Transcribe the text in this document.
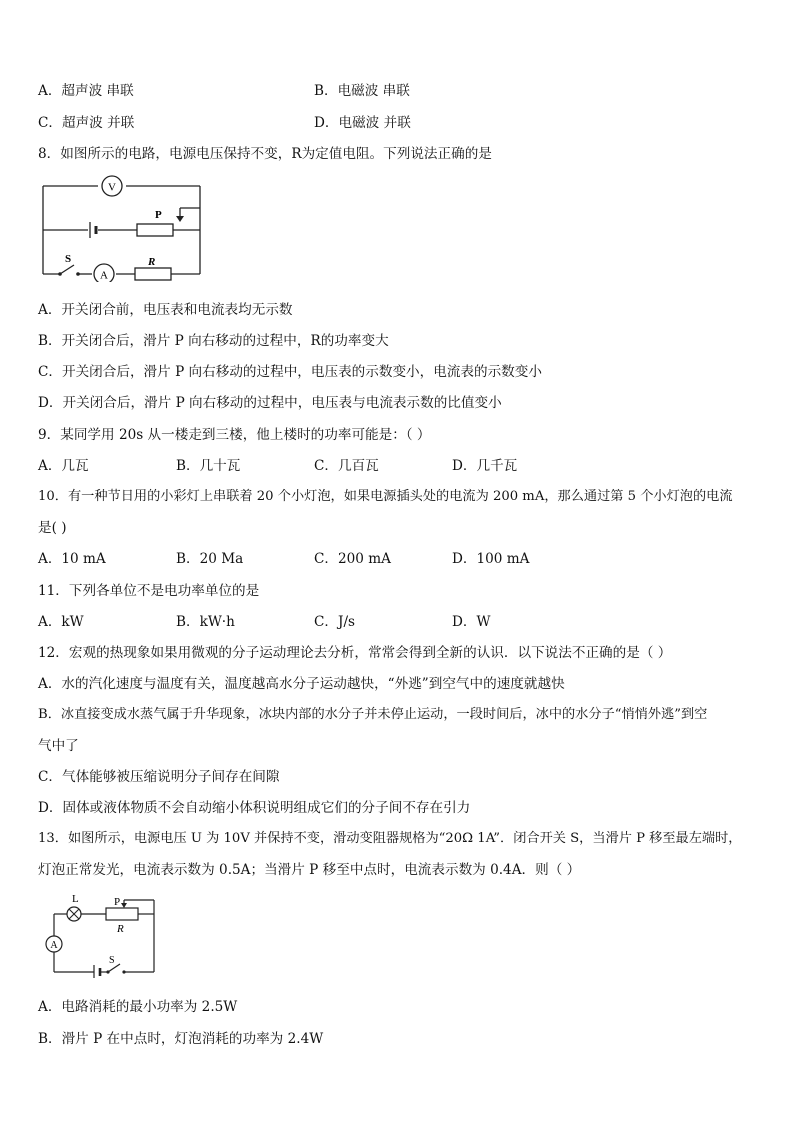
A．超声波 串联	B．电磁波 串联
C．超声波 并联	D．电磁波 并联
8．如图所示的电路，电源电压保持不变，R为定值电阻。下列说法正确的是
V
A
P
S	R
A．开关闭合前，电压表和电流表均无示数
B．开关闭合后，滑片 P 向右移动的过程中，R的功率变大
C．开关闭合后，滑片 P 向右移动的过程中，电压表的示数变小，电流表的示数变小
D．开关闭合后，滑片 P 向右移动的过程中，电压表与电流表示数的比值变小
9．某同学用 20s 从一楼走到三楼，他上楼时的功率可能是：（ ）
A．几瓦	B．几十瓦	C．几百瓦	D．几千瓦
10．有一种节日用的小彩灯上串联着 20 个小灯泡，如果电源插头处的电流为 200 mA，那么通过第 5 个小灯泡的电流
是( )
A．10 mA	B．20 Ma	C．200 mA	D．100 mA
11．下列各单位不是电功率单位的是
A．kW	B．kW·h	C．J/s	D．W
12．宏观的热现象如果用微观的分子运动理论去分析，常常会得到全新的认识．以下说法不正确的是（ ）
A．水的汽化速度与温度有关，温度越高水分子运动越快，“外逃”到空气中的速度就越快
B．冰直接变成水蒸气属于升华现象，冰块内部的水分子并未停止运动，一段时间后，冰中的水分子“悄悄外逃”到空
气中了
C．气体能够被压缩说明分子间存在间隙
D．固体或液体物质不会自动缩小体积说明组成它们的分子间不存在引力
13．如图所示，电源电压 U 为 10V 并保持不变，滑动变阻器规格为“20Ω 1A”．闭合开关 S，当滑片 P 移至最左端时，
灯泡正常发光，电流表示数为 0.5A；当滑片 P 移至中点时，电流表示数为 0.4A．则（ ）
L	P
R
A
S
A．电路消耗的最小功率为 2.5W
B．滑片 P 在中点时，灯泡消耗的功率为 2.4W
